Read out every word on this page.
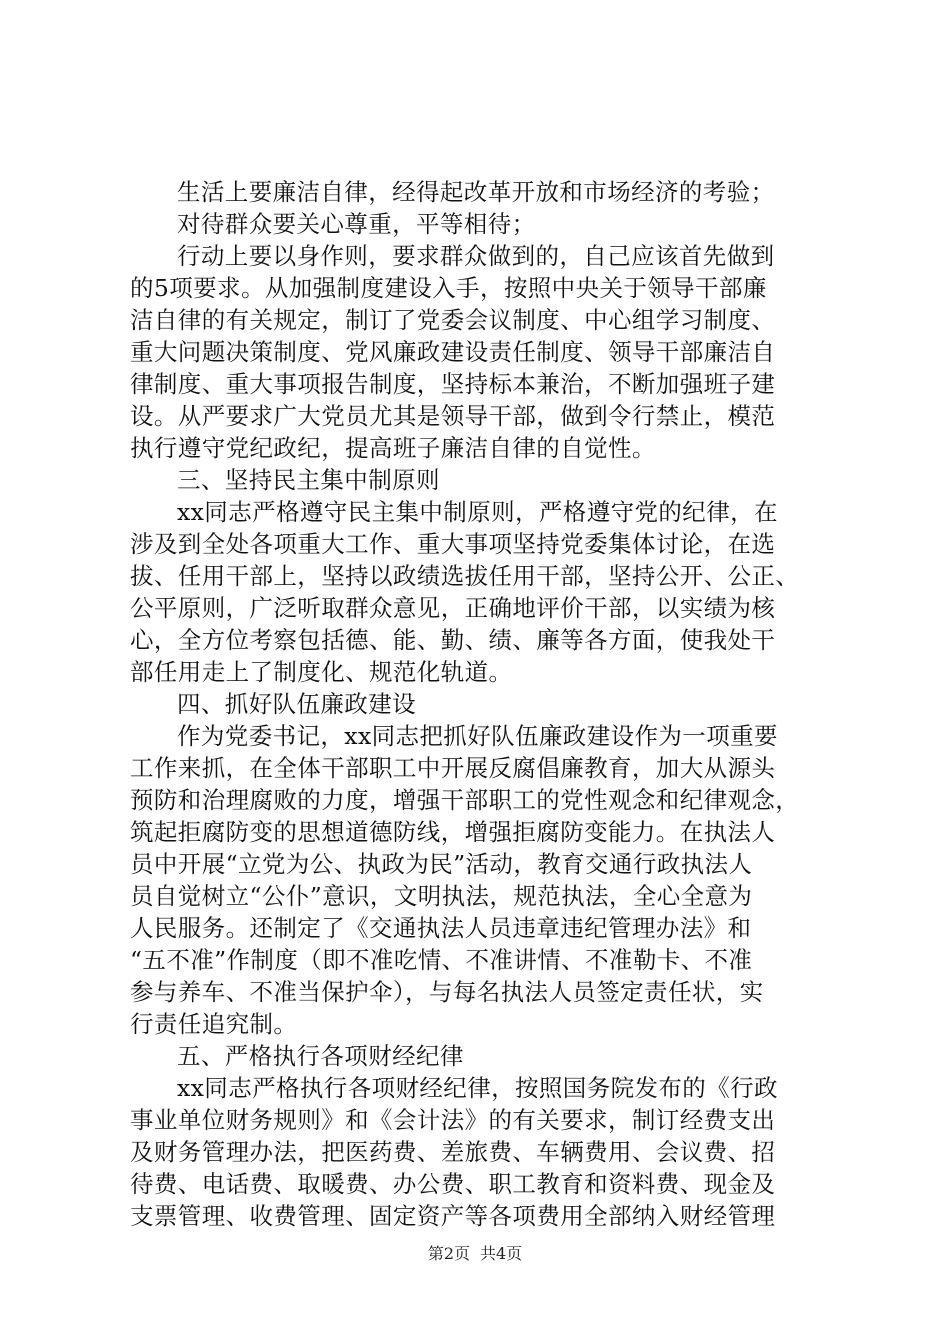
生活上要廉洁自律，经得起改革开放和市场经济的考验；
对待群众要关心尊重，平等相待；
行动上要以身作则，要求群众做到的，自己应该首先做到
的5项要求。从加强制度建设入手，按照中央关于领导干部廉
洁自律的有关规定，制订了党委会议制度、中心组学习制度、
重大问题决策制度、党风廉政建设责任制度、领导干部廉洁自
律制度、重大事项报告制度，坚持标本兼治，不断加强班子建
设。从严要求广大党员尤其是领导干部，做到令行禁止，模范
执行遵守党纪政纪，提高班子廉洁自律的自觉性。
三、坚持民主集中制原则
xx同志严格遵守民主集中制原则，严格遵守党的纪律，在
涉及到全处各项重大工作、重大事项坚持党委集体讨论，在选
拔、任用干部上，坚持以政绩选拔任用干部，坚持公开、公正、
公平原则，广泛听取群众意见，正确地评价干部，以实绩为核
心，全方位考察包括德、能、勤、绩、廉等各方面，使我处干
部任用走上了制度化、规范化轨道。
四、抓好队伍廉政建设
作为党委书记，xx同志把抓好队伍廉政建设作为一项重要
工作来抓，在全体干部职工中开展反腐倡廉教育，加大从源头
预防和治理腐败的力度，增强干部职工的党性观念和纪律观念，
筑起拒腐防变的思想道德防线，增强拒腐防变能力。在执法人
员中开展“立党为公、执政为民”活动，教育交通行政执法人
员自觉树立“公仆”意识，文明执法，规范执法，全心全意为
人民服务。还制定了《交通执法人员违章违纪管理办法》和
“五不准”作制度（即不准吃情、不准讲情、不准勒卡、不准
参与养车、不准当保护伞），与每名执法人员签定责任状，实
行责任追究制。
五、严格执行各项财经纪律
xx同志严格执行各项财经纪律，按照国务院发布的《行政
事业单位财务规则》和《会计法》的有关要求，制订经费支出
及财务管理办法，把医药费、差旅费、车辆费用、会议费、招
待费、电话费、取暖费、办公费、职工教育和资料费、现金及
支票管理、收费管理、固定资产等各项费用全部纳入财经管理
第2页 共4页
